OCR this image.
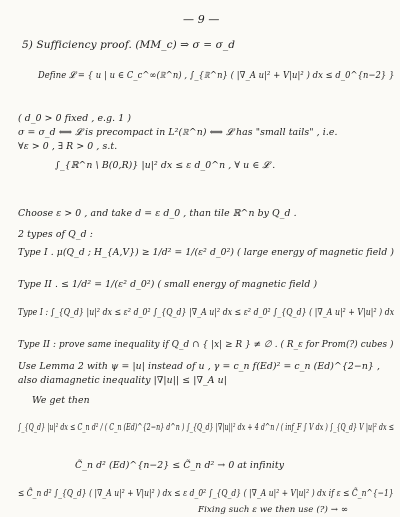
— 9 —
5) Sufficiency proof. (MM_c) ⇒ σ = σ_d
Define 𝓛 = { u | u ∈ C_c^∞(ℝ^n) , ∫_{ℝ^n} ( |∇_A u|² + V|u|² ) dx ≤ d_0^{n−2} }
( d_0 > 0 fixed , e.g. 1 )
σ = σ_d ⟺ 𝓛 is precompact in L²(ℝ^n) ⟺ 𝓛 has "small tails" , i.e.
∀ε > 0 , ∃ R > 0 , s.t.
∫_{ℝ^n \ B(0,R)} |u|² dx ≤ ε d_0^n , ∀ u ∈ 𝓛 .
Choose ε > 0 , and take d = ε d_0 , than tile ℝ^n by Q_d .
2 types of Q_d :
Type I . μ(Q_d ; H_{A,V}) ≥ 1/d² = 1/(ε² d_0²) ( large energy of magnetic field )
Type II . ≤ 1/d² = 1/(ε² d_0²) ( small energy of magnetic field )
Type I : ∫_{Q_d} |u|² dx ≤ ε² d_0² ∫_{Q_d} |∇_A u|² dx ≤ ε² d_0² ∫_{Q_d} ( |∇_A u|² + V|u|² ) dx
Type II : prove same inequality if Q_d ∩ { |x| ≥ R } ≠ ∅ . ( R_ε for Prom(?) cubes )
Use Lemma 2 with ψ = |u| instead of u , γ = c_n f(Ed)² = c_n (Ed)^{2−n} ,
also diamagnetic inequality |∇|u|| ≤ |∇_A u|
We get then
∫_{Q_d} |u|² dx ≤ C_n d² / ( C_n (Ed)^{2−n} d^n ) ∫_{Q_d} |∇|u||² dx + 4 d^n / ( inf_F ∫ V dx ) ∫_{Q_d} V |u|² dx ≤
C̃_n d² (Ed)^{n−2} ≤ C̃_n d² → 0 at infinity
≤ C̃_n d² ∫_{Q_d} ( |∇_A u|² + V|u|² ) dx ≤ ε d_0² ∫_{Q_d} ( |∇_A u|² + V|u|² ) dx if ε ≤ C̃_n^{−1}
Fixing such ε we then use (?) → ∞
